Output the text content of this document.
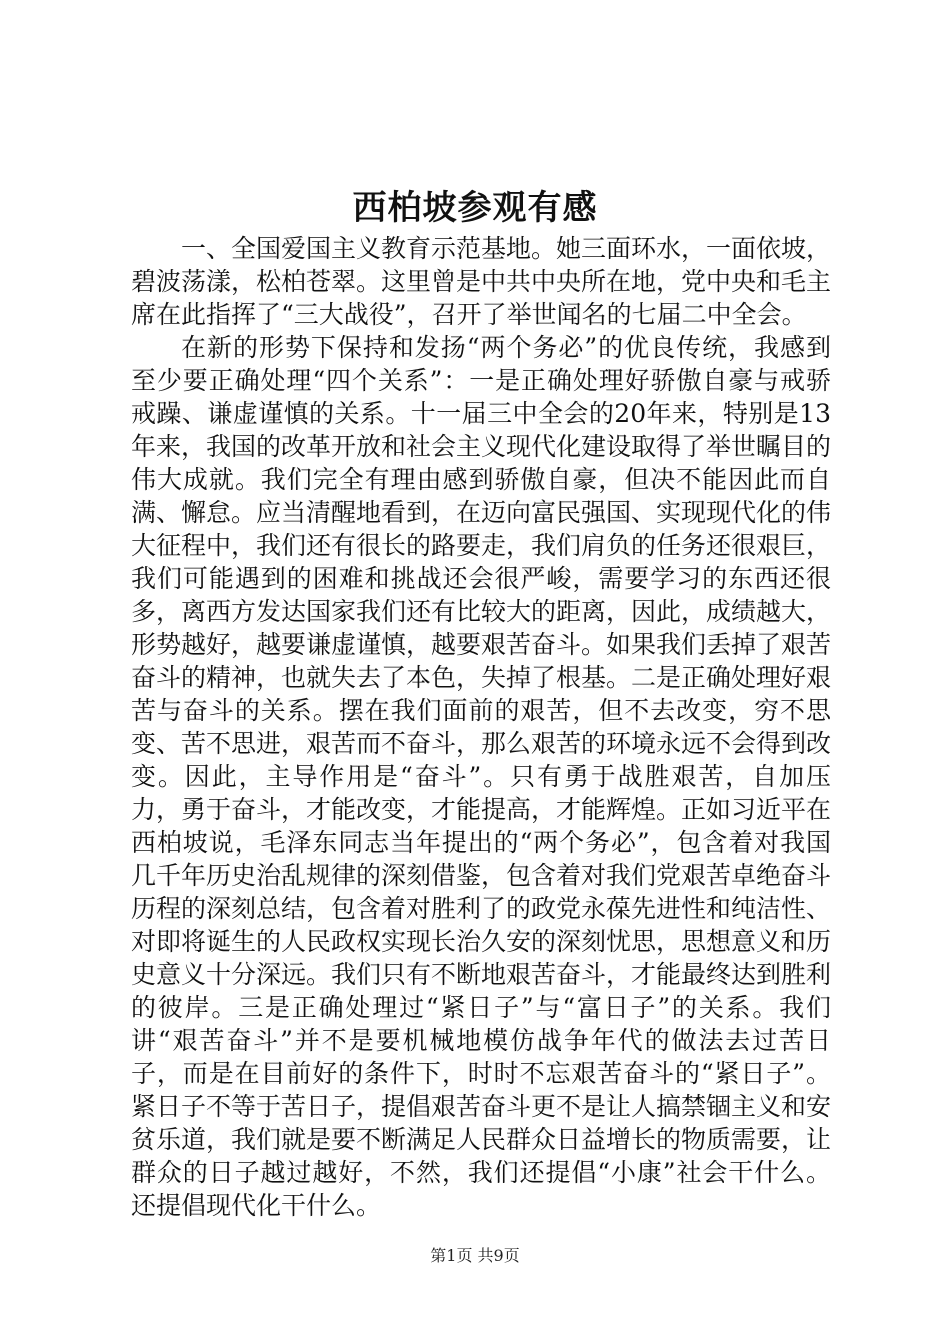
西柏坡参观有感

一、全国爱国主义教育示范基地。她三面环水，一面依坡，碧波荡漾，松柏苍翠。这里曾是中共中央所在地，党中央和毛主席在此指挥了“三大战役”，召开了举世闻名的七届二中全会。

在新的形势下保持和发扬“两个务必”的优良传统，我感到至少要正确处理“四个关系”：一是正确处理好骄傲自豪与戒骄戒躁、谦虚谨慎的关系。十一届三中全会的20年来，特别是13年来，我国的改革开放和社会主义现代化建设取得了举世瞩目的伟大成就。我们完全有理由感到骄傲自豪，但决不能因此而自满、懈怠。应当清醒地看到，在迈向富民强国、实现现代化的伟大征程中，我们还有很长的路要走，我们肩负的任务还很艰巨，我们可能遇到的困难和挑战还会很严峻，需要学习的东西还很多，离西方发达国家我们还有比较大的距离，因此，成绩越大，形势越好，越要谦虚谨慎，越要艰苦奋斗。如果我们丢掉了艰苦奋斗的精神，也就失去了本色，失掉了根基。二是正确处理好艰苦与奋斗的关系。摆在我们面前的艰苦，但不去改变，穷不思变、苦不思进，艰苦而不奋斗，那么艰苦的环境永远不会得到改变。因此，主导作用是“奋斗”。只有勇于战胜艰苦，自加压力，勇于奋斗，才能改变，才能提高，才能辉煌。正如习近平在西柏坡说，毛泽东同志当年提出的“两个务必”，包含着对我国几千年历史治乱规律的深刻借鉴，包含着对我们党艰苦卓绝奋斗历程的深刻总结，包含着对胜利了的政党永葆先进性和纯洁性、对即将诞生的人民政权实现长治久安的深刻忧思，思想意义和历史意义十分深远。我们只有不断地艰苦奋斗，才能最终达到胜利的彼岸。三是正确处理过“紧日子”与“富日子”的关系。我们讲“艰苦奋斗”并不是要机械地模仿战争年代的做法去过苦日子，而是在目前好的条件下，时时不忘艰苦奋斗的“紧日子”。紧日子不等于苦日子，提倡艰苦奋斗更不是让人搞禁锢主义和安贫乐道，我们就是要不断满足人民群众日益增长的物质需要，让群众的日子越过越好，不然，我们还提倡“小康”社会干什么。还提倡现代化干什么。

第1页 共9页
